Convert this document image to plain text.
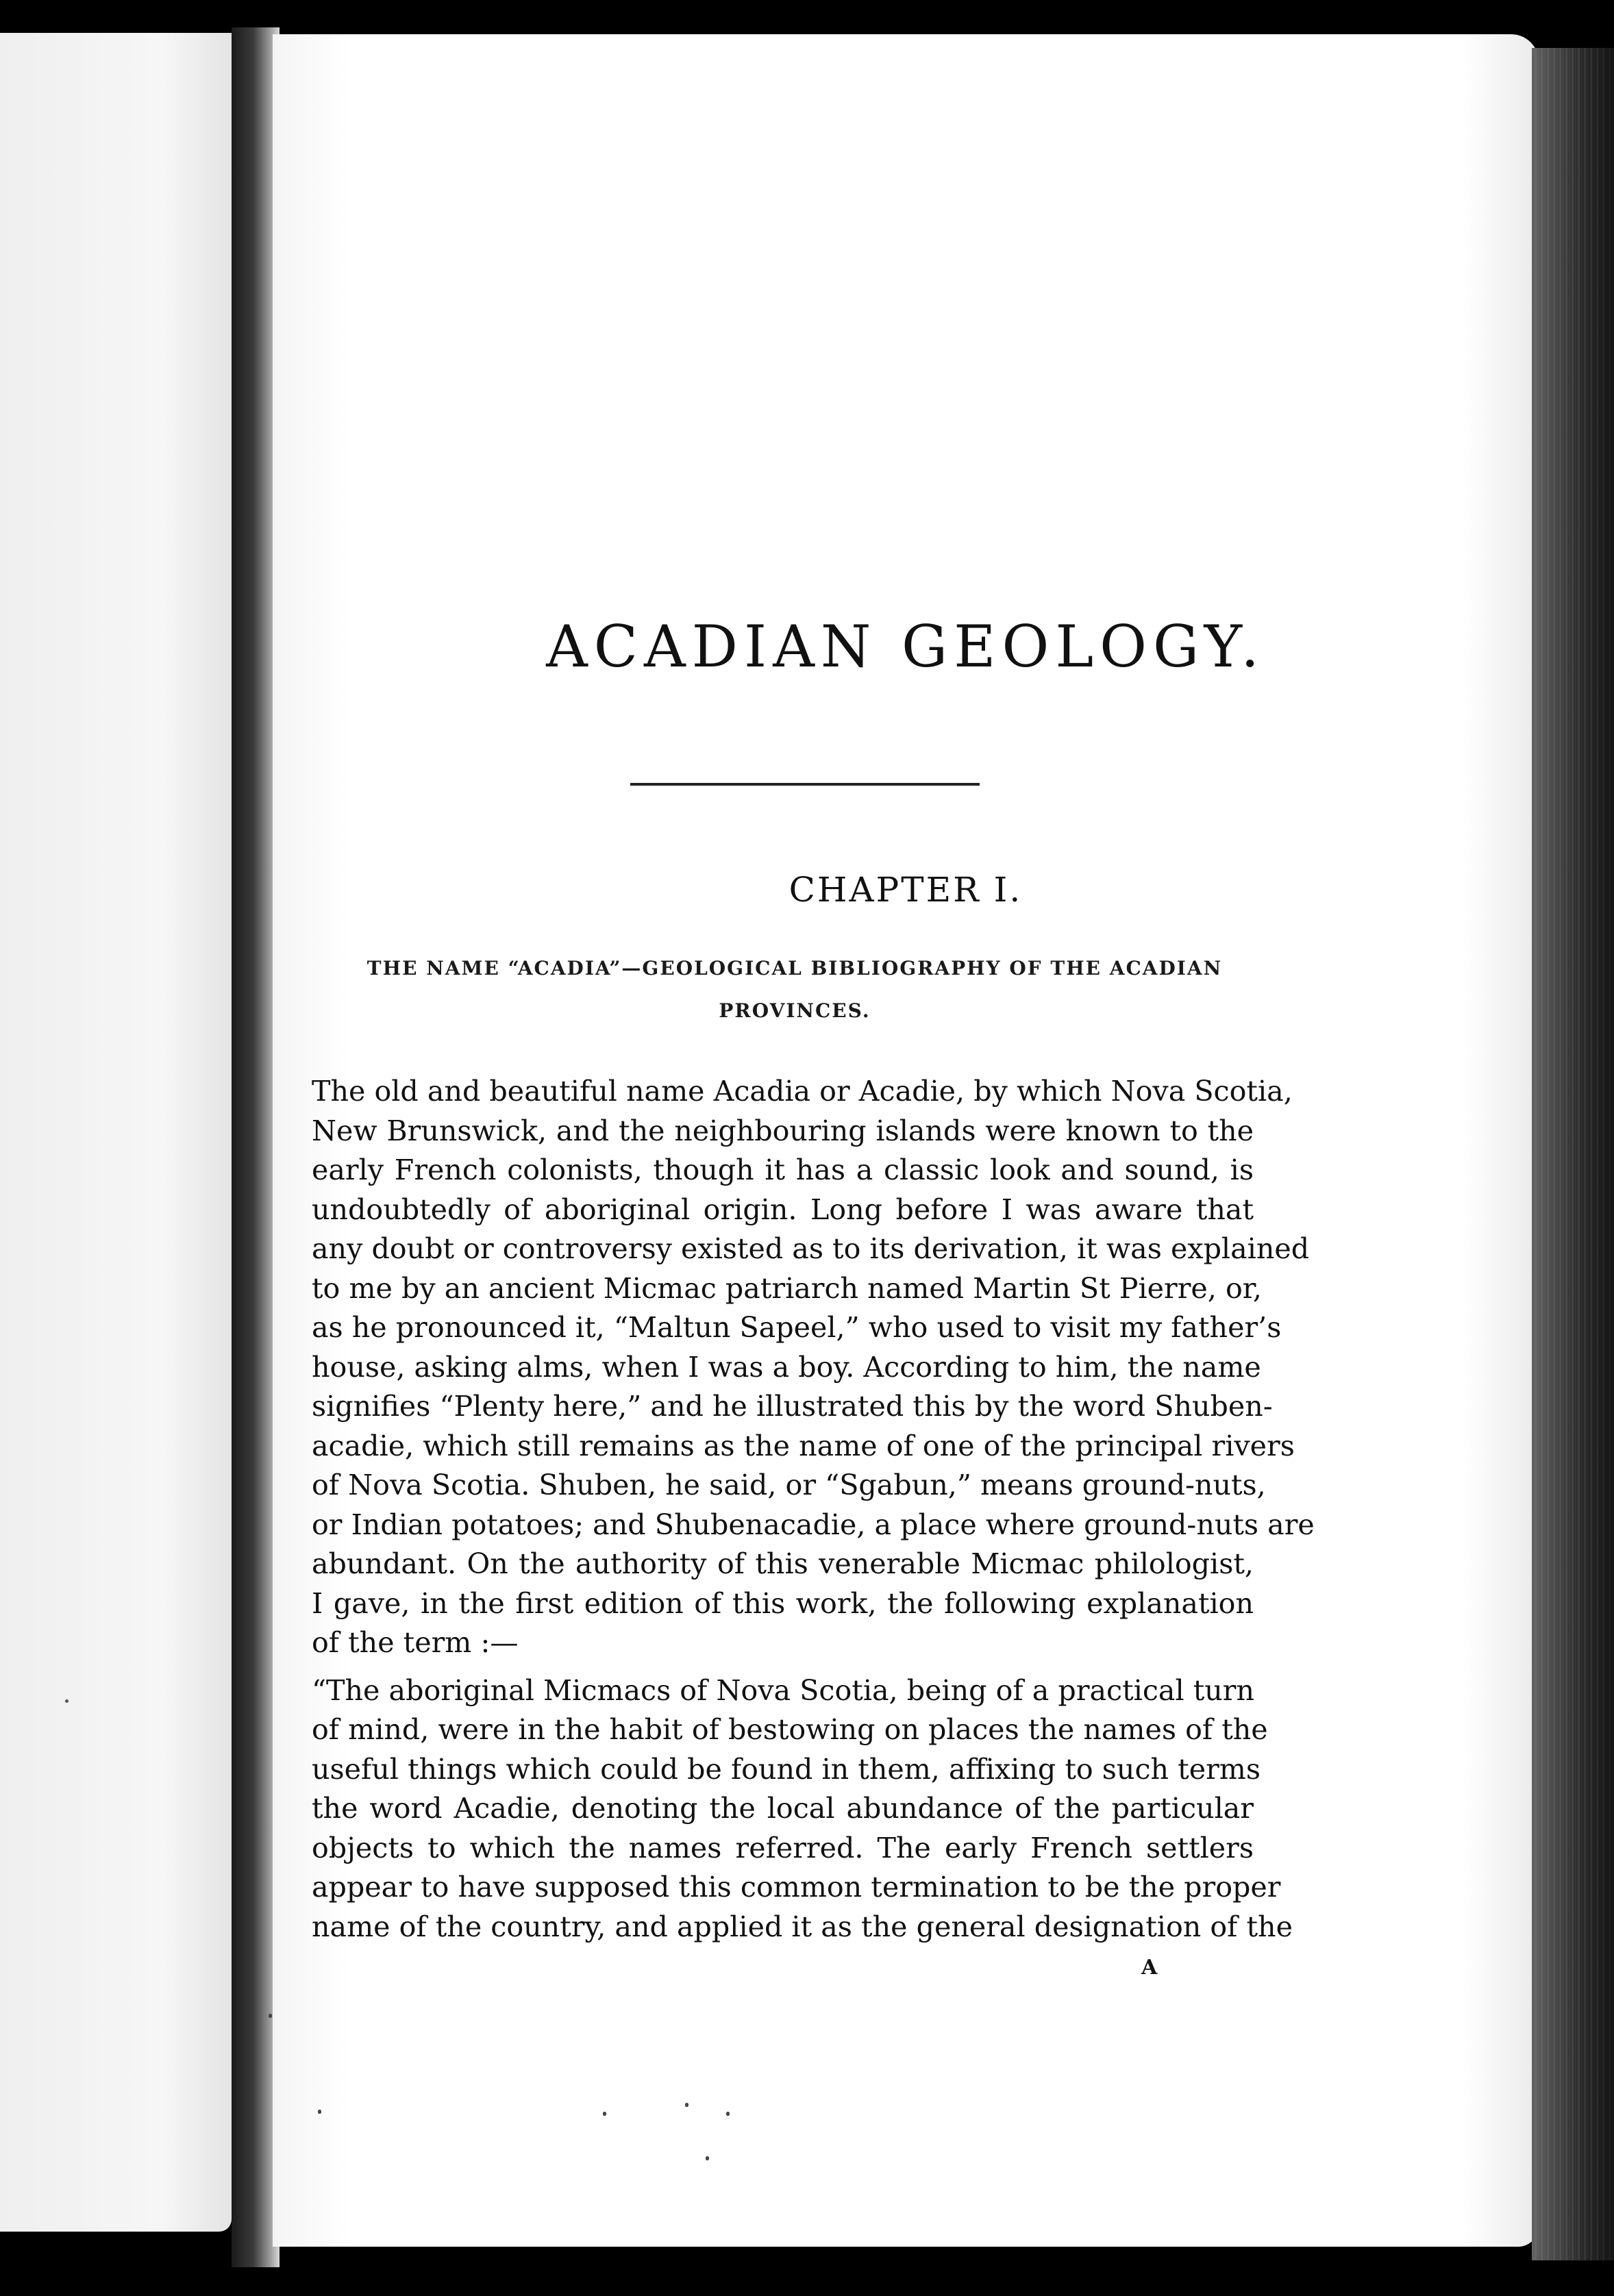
ACADIAN GEOLOGY.
CHAPTER I.
THE NAME “ACADIA”—GEOLOGICAL BIBLIOGRAPHY OF THE ACADIAN
PROVINCES.

The old and beautiful name Acadia or Acadie, by which Nova Scotia,
New Brunswick, and the neighbouring islands were known to the
early French colonists, though it has a classic look and sound, is
undoubtedly of aboriginal origin. Long before I was aware that
any doubt or controversy existed as to its derivation, it was explained
to me by an ancient Micmac patriarch named Martin St Pierre, or,
as he pronounced it, “Maltun Sapeel,” who used to visit my father’s
house, asking alms, when I was a boy. According to him, the name
signifies “Plenty here,” and he illustrated this by the word Shuben-
acadie, which still remains as the name of one of the principal rivers
of Nova Scotia. Shuben, he said, or “Sgabun,” means ground-nuts,
or Indian potatoes; and Shubenacadie, a place where ground-nuts are
abundant. On the authority of this venerable Micmac philologist,
I gave, in the first edition of this work, the following explanation
of the term :—

“The aboriginal Micmacs of Nova Scotia, being of a practical turn
of mind, were in the habit of bestowing on places the names of the
useful things which could be found in them, affixing to such terms
the word Acadie, denoting the local abundance of the particular
objects to which the names referred. The early French settlers
appear to have supposed this common termination to be the proper
name of the country, and applied it as the general designation of the

A
